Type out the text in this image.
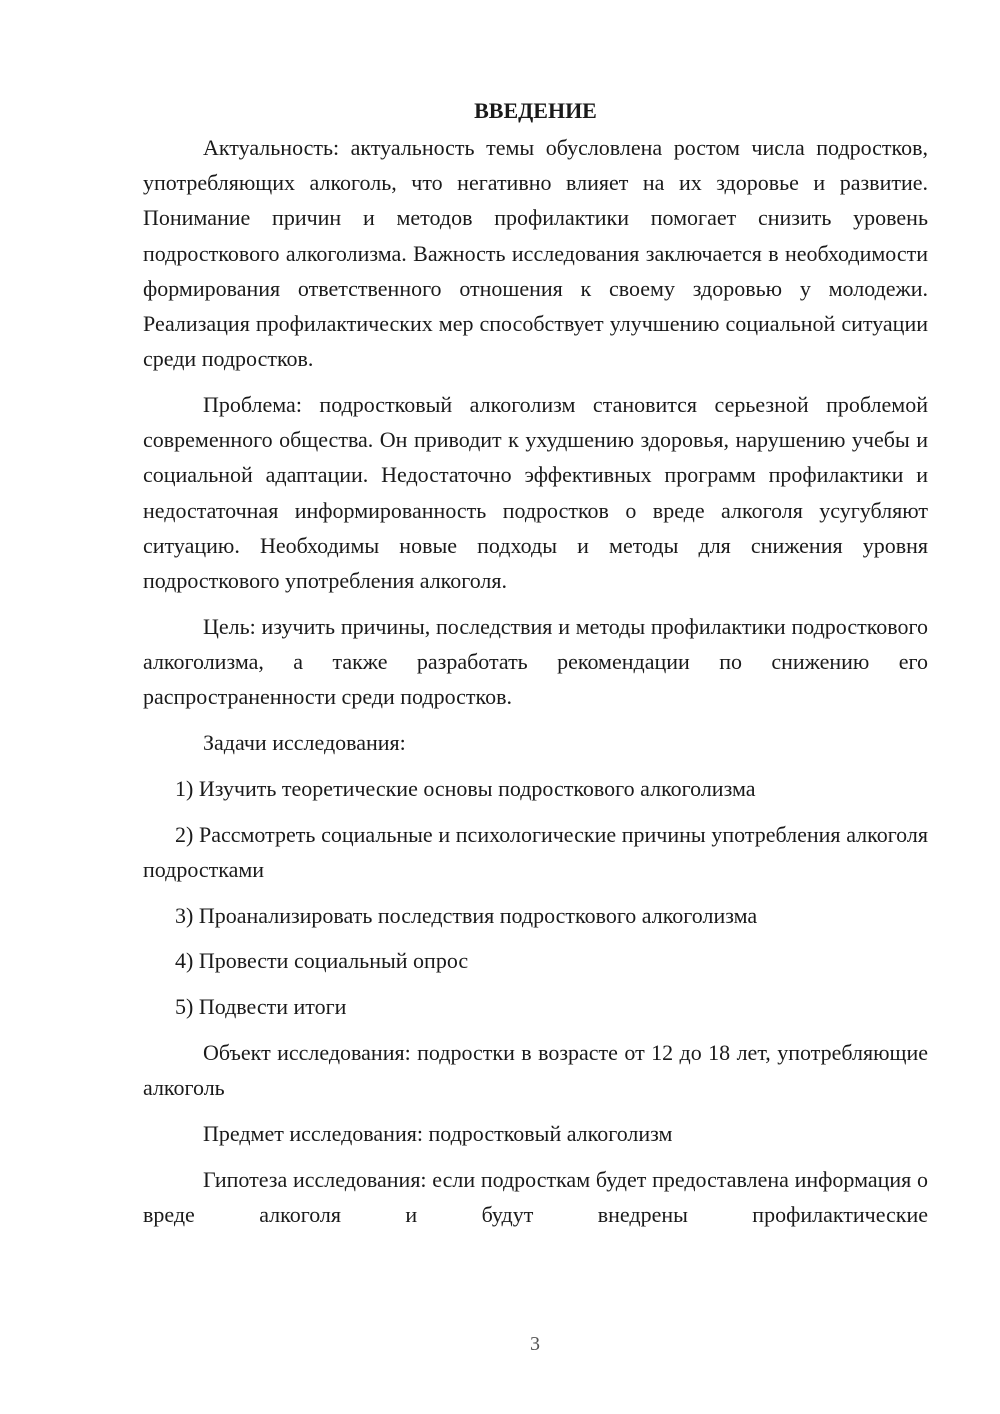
ВВЕДЕНИЕ

Актуальность: актуальность темы обусловлена ростом числа подростков, употребляющих алкоголь, что негативно влияет на их здоровье и развитие. Понимание причин и методов профилактики помогает снизить уровень подросткового алкоголизма. Важность исследования заключается в необходимости формирования ответственного отношения к своему здоровью у молодежи. Реализация профилактических мер способствует улучшению социальной ситуации среди подростков.

Проблема: подростковый алкоголизм становится серьезной проблемой современного общества. Он приводит к ухудшению здоровья, нарушению учебы и социальной адаптации. Недостаточно эффективных программ профилактики и недостаточная информированность подростков о вреде алкоголя усугубляют ситуацию. Необходимы новые подходы и методы для снижения уровня подросткового употребления алкоголя.

Цель: изучить причины, последствия и методы профилактики подросткового алкоголизма, а также разработать рекомендации по снижению его распространенности среди подростков.

Задачи исследования:

1) Изучить теоретические основы подросткового алкоголизма

2) Рассмотреть социальные и психологические причины употребления алкоголя подростками

3) Проанализировать последствия подросткового алкоголизма

4) Провести социальный опрос

5) Подвести итоги

Объект исследования: подростки в возрасте от 12 до 18 лет, употребляющие алкоголь

Предмет исследования: подростковый алкоголизм

Гипотеза исследования: если подросткам будет предоставлена информация о вреде алкоголя и будут внедрены профилактические

3
